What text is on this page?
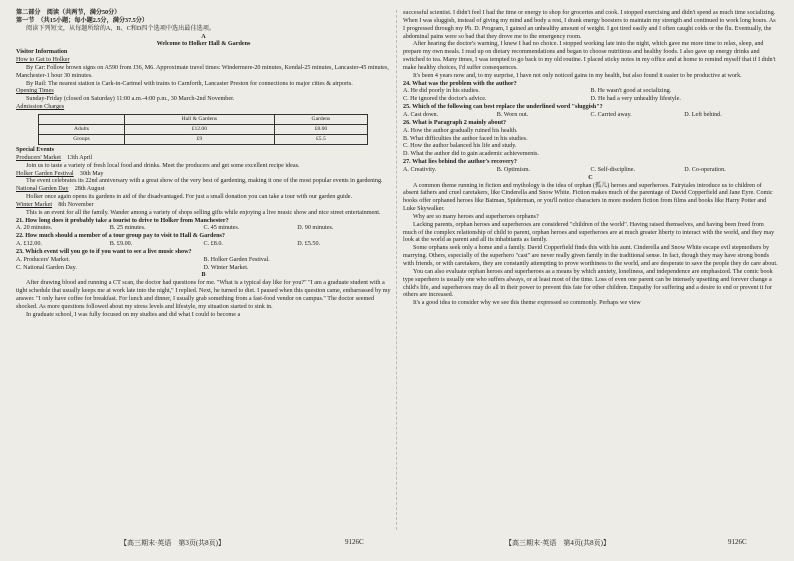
第二部分　阅读（共两节，满分50分）

第一节　（共15小题；每小题2.5分，满分37.5分）

阅读下列短文，从每题所给的A、B、C和D四个选项中选出最佳选项。

A

Welcome to Holker Hall & Gardens

Visitor Information

How to Get to Holker

By Car: Follow brown signs on A590 from J36, M6. Approximate travel times: Windermere-20 minutes, Kendal-25 minutes, Lancaster-45 minutes, Manchester-1 hour 30 minutes.

By Rail: The nearest station is Cark-in-Cartmel with trains to Carnforth, Lancaster Preston for connections to major cities & airports.

Opening Times

Sunday-Friday (closed on Saturday) 11:00 a.m.-4:00 p.m., 30 March-2nd November.

Admission Charges

	Hall & Gardens	Gardens
Adults	£12.00	£8.00
Groups	£9	£5.5

Special Events

Producers' Market　 13th April

Join us to taste a variety of fresh local food and drinks. Meet the producers and get some excellent recipe ideas.

Holker Garden Festival　 30th May

The event celebrates its 22nd anniversary with a great show of the very best of gardening, making it one of the most popular events in gardening.

National Garden Day　 28th August

Holker once again opens its gardens in aid of the disadvantaged. For just a small donation you can take a tour with our garden guide.

Winter Market　 8th November

This is an event for all the family. Wander among a variety of shops selling gifts while enjoying a live music show and nice street entertainment.

21. How long does it probably take a tourist to drive to Holker from Manchester?

A. 20 minutes.	B. 25 minutes.	C. 45 minutes.	D. 90 minutes.

22. How much should a member of a tour group pay to visit to Hall & Gardens?

A. £12.00.	B. £9.00.	C. £8.0.	D. £5.50.

23. Which event will you go to if you want to see a live music show?

A. Producers' Market.	B. Holker Garden Festival.
C. National Garden Day.	D. Winter Market.

B

After drawing blood and running a CT scan, the doctor had questions for me. "What is a typical day like for you?" "I am a graduate student with a tight schedule that usually keeps me at work late into the night," I replied. Next, he turned to diet. I paused when this question came, embarrassed by my answer. "I only have coffee for breakfast. For lunch and dinner, I usually grab something from a fast-food vendor on campus." The doctor seemed shocked. As more questions followed about my stress levels and lifestyle, my situation started to sink in.

In graduate school, I was fully focused on my studies and did what I could to become a

【高三期末·英语　第3页(共8页)】	9126C

successful scientist. I didn't feel I had the time or energy to shop for groceries and cook. I stopped exercising and didn't spend as much time socializing. When I was sluggish, instead of giving my mind and body a rest, I drank energy boosters to maintain my strength and continued to work long hours. As I progressed through my Ph. D. Program, I gained an unhealthy amount of weight. I got tired easily and I often caught colds or the flu. Eventually, the abdominal pains were so bad that they drove me to the emergency room.

After hearing the doctor's warning, I knew I had no choice. I stopped working late into the night, which gave me more time to relax, sleep, and prepare my own meals. I read up on dietary recommendations and began to choose nutritious and healthy foods. I also gave up energy drinks and switched to tea. Many times, I was tempted to go back to my old routine. I placed sticky notes in my office and at home to remind myself that if I didn't make healthy choices, I'd suffer consequences.

It's been 4 years now and, to my surprise, I have not only noticed gains in my health, but also found it easier to be productive at work.

24. What was the problem with the author?

A. He did poorly in his studies.	B. He wasn't good at socializing.
C. He ignored the doctor's advice.	D. He had a very unhealthy lifestyle.

25. Which of the following can best replace the underlined word "sluggish"?

A. Cast down.	B. Worn out.	C. Carried away.	D. Left behind.

26. What is Paragraph 2 mainly about?

A. How the author gradually ruined his health.

B. What difficulties the author faced in his studies.

C. How the author balanced his life and study.

D. What the author did to gain academic achievements.

27. What lies behind the author's recovery?

A. Creativity.	B. Optimism.	C. Self-discipline.	D. Co-operation.

C

A common theme running in fiction and mythology is the idea of orphan (孤儿) heroes and superheroes. Fairytales introduce us to children of absent fathers and cruel caretakers, like Cinderella and Snow White. Fiction makes much of the parentage of David Copperfield and Jane Eyre. Comic books offer orphaned heroes like Batman, Spiderman, or you'll notice characters in more modern fiction from films and books like Harry Potter and Luke Skywalker.

Why are so many heroes and superheroes orphans?

Lacking parents, orphan heroes and superheroes are considered "children of the world". Having raised themselves, and having been freed from much of the complex relationship of child to parent, orphan heroes and superheroes are at much greater liberty to interact with the world, and they may look at the world as parent and all its inhabitants as family.

Some orphans seek only a home and a family. David Copperfield finds this with his aunt. Cinderella and Snow White escape evil stepmothers by marrying. Others, especially of the superhero "cast" are never really given family in the traditional sense. In fact, though they may have strong bonds with friends, or with caretakers, they are constantly attempting to prove worthiness to the world, and are desperate to save the people they do care about.

You can also evaluate orphan heroes and superheroes as a means by which anxiety, loneliness, and independence are emphasized. The comic book type superhero is usually one who suffers always, or at least most of the time. Loss of even one parent can be intensely upsetting and forever change a child's life, and superheroes may do all in their power to prevent this fate for other children. Empathy for suffering and a desire to end or prevent it for others are increased.

It's a good idea to consider why we see this theme expressed so commonly. Perhaps we view

【高三期末·英语　第4页(共8页)】	9126C
